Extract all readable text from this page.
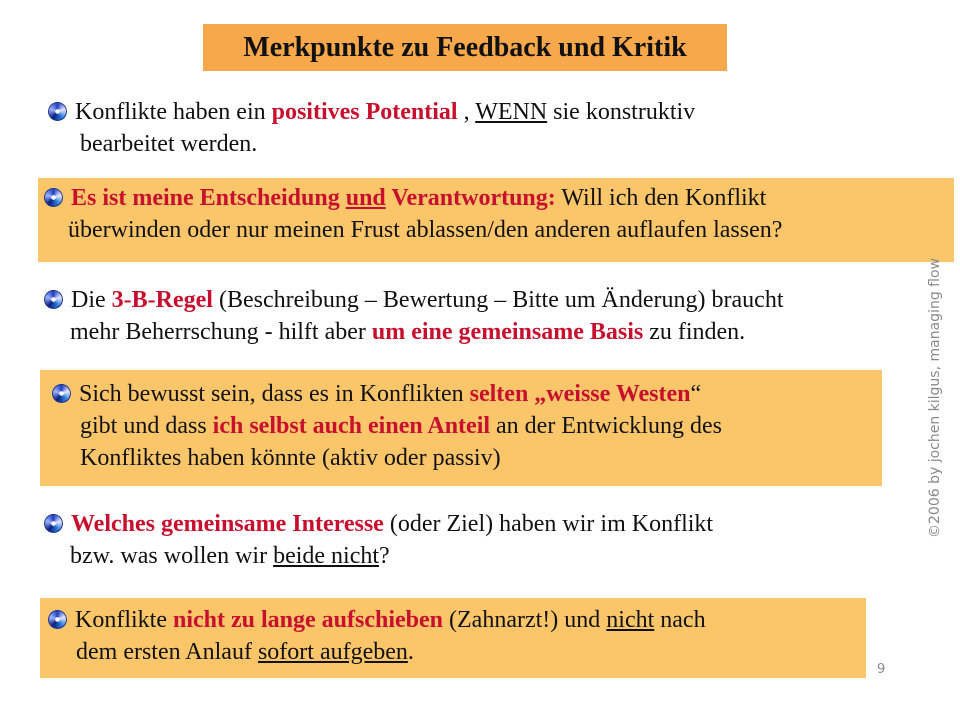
Merkpunkte zu Feedback und Kritik
Konflikte haben ein positives Potential , WENN sie konstruktiv
bearbeitet werden.
Es ist meine Entscheidung und Verantwortung: Will ich den Konflikt
überwinden oder nur meinen Frust ablassen/den anderen auflaufen lassen?
Die 3-B-Regel (Beschreibung – Bewertung – Bitte um Änderung) braucht
mehr Beherrschung - hilft aber um eine gemeinsame Basis zu finden.
Sich bewusst sein, dass es in Konflikten selten „weisse Westen“
gibt und dass ich selbst auch einen Anteil an der Entwicklung des
Konfliktes haben könnte (aktiv oder passiv)
Welches gemeinsame Interesse (oder Ziel) haben wir im Konflikt
bzw. was wollen wir beide nicht?
Konflikte nicht zu lange aufschieben (Zahnarzt!) und nicht nach
dem ersten Anlauf sofort aufgeben.
©2006 by jochen kilgus, managing flow
9
